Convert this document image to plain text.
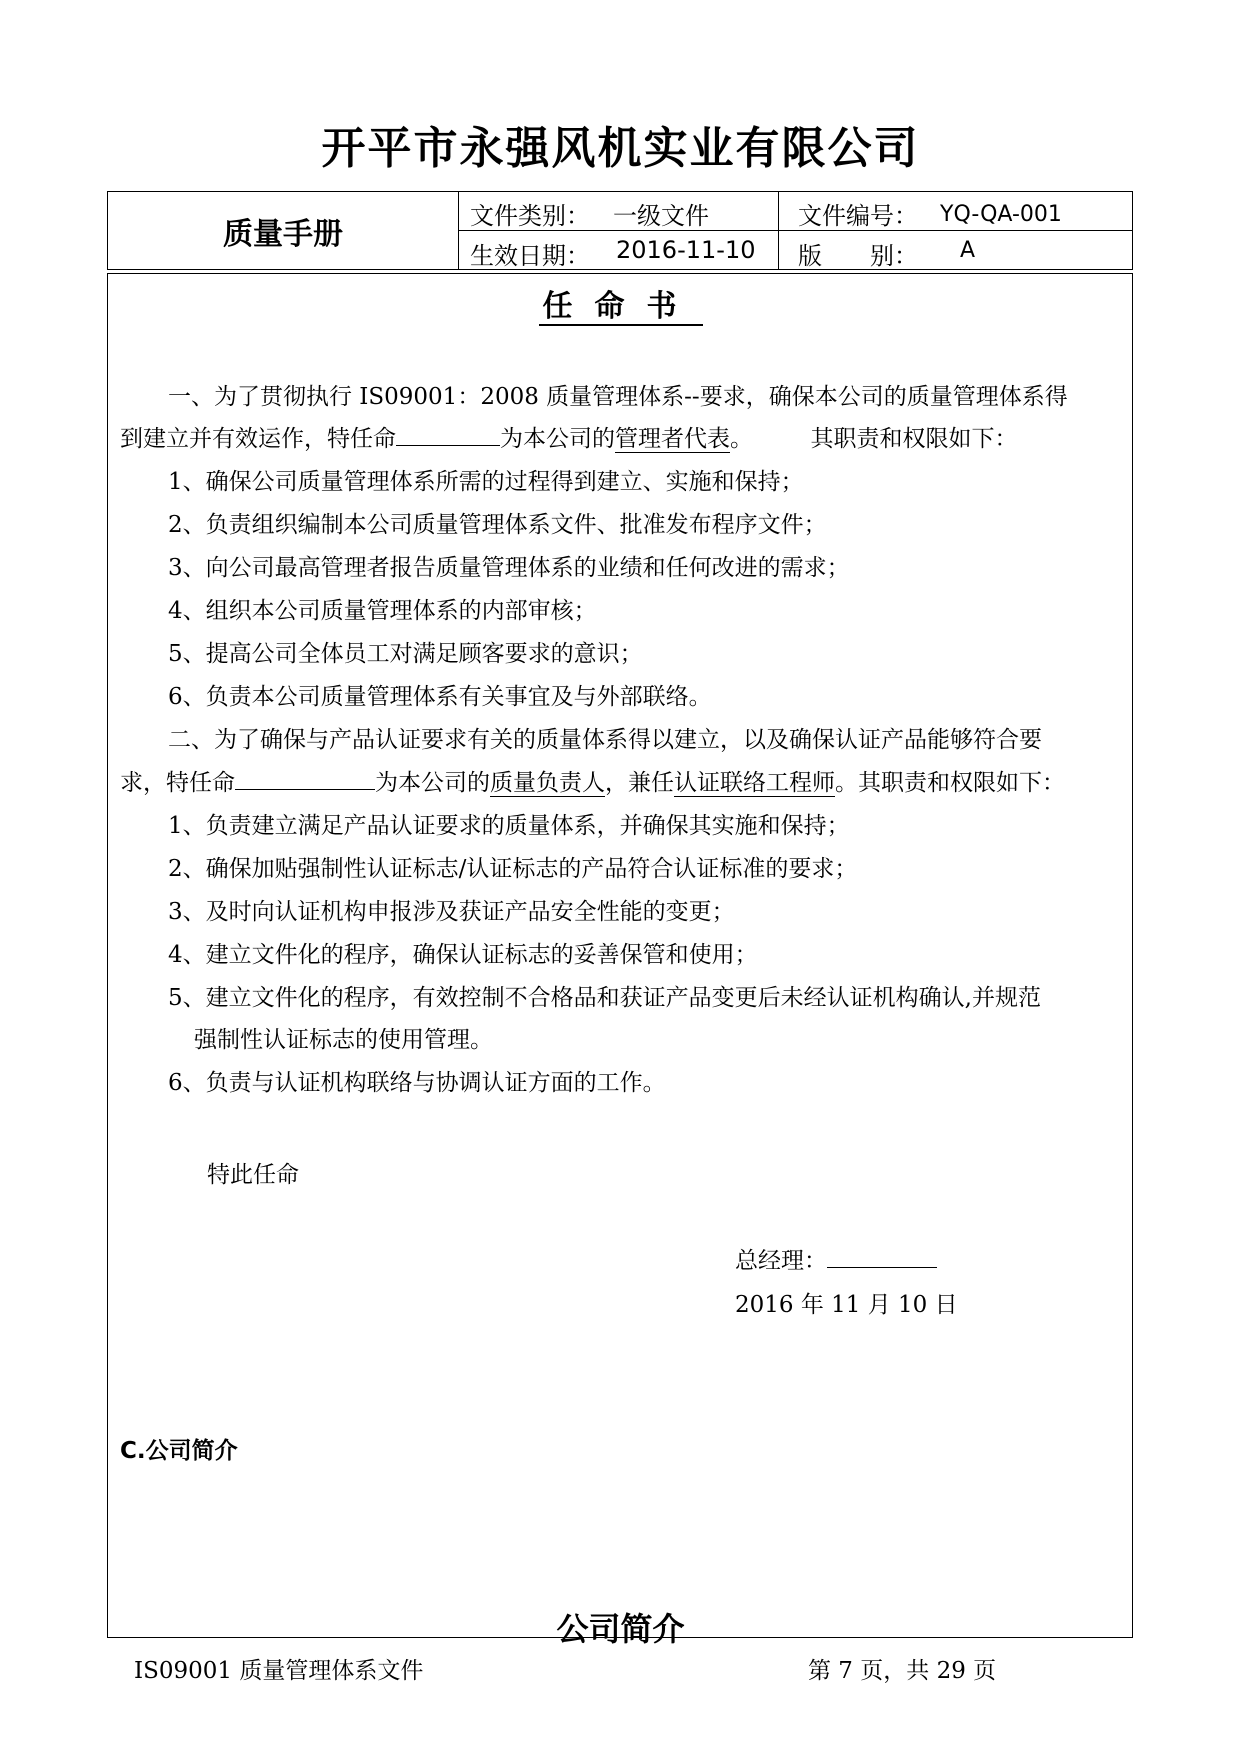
开平市永强风机实业有限公司
质量手册
文件类别： 一级文件	文件编号： YQ-QA-001
生效日期： 2016-11-10 版　　别： A
任命书
一、为了贯彻执行 IS09001：2008 质量管理体系--要求，确保本公司的质量管理体系得
到建立并有效运作，特任命	为本公司的管理者代表。　　　其职责和权限如下：
1、确保公司质量管理体系所需的过程得到建立、实施和保持；
2、负责组织编制本公司质量管理体系文件、批准发布程序文件；
3、向公司最高管理者报告质量管理体系的业绩和任何改进的需求；
4、组织本公司质量管理体系的内部审核；
5、提高公司全体员工对满足顾客要求的意识；
6、负责本公司质量管理体系有关事宜及与外部联络。
二、为了确保与产品认证要求有关的质量体系得以建立，以及确保认证产品能够符合要
求，特任命	为本公司的质量负责人，兼任认证联络工程师。其职责和权限如下：
1、负责建立满足产品认证要求的质量体系，并确保其实施和保持；
2、确保加贴强制性认证标志/认证标志的产品符合认证标准的要求；
3、及时向认证机构申报涉及获证产品安全性能的变更；
4、建立文件化的程序，确保认证标志的妥善保管和使用；
5、建立文件化的程序，有效控制不合格品和获证产品变更后未经认证机构确认,并规范
强制性认证标志的使用管理。
6、负责与认证机构联络与协调认证方面的工作。
特此任命
总经理：
2016 年 11 月 10 日
C.公司简介
公司简介
IS09001 质量管理体系文件	第 7 页，共 29 页
